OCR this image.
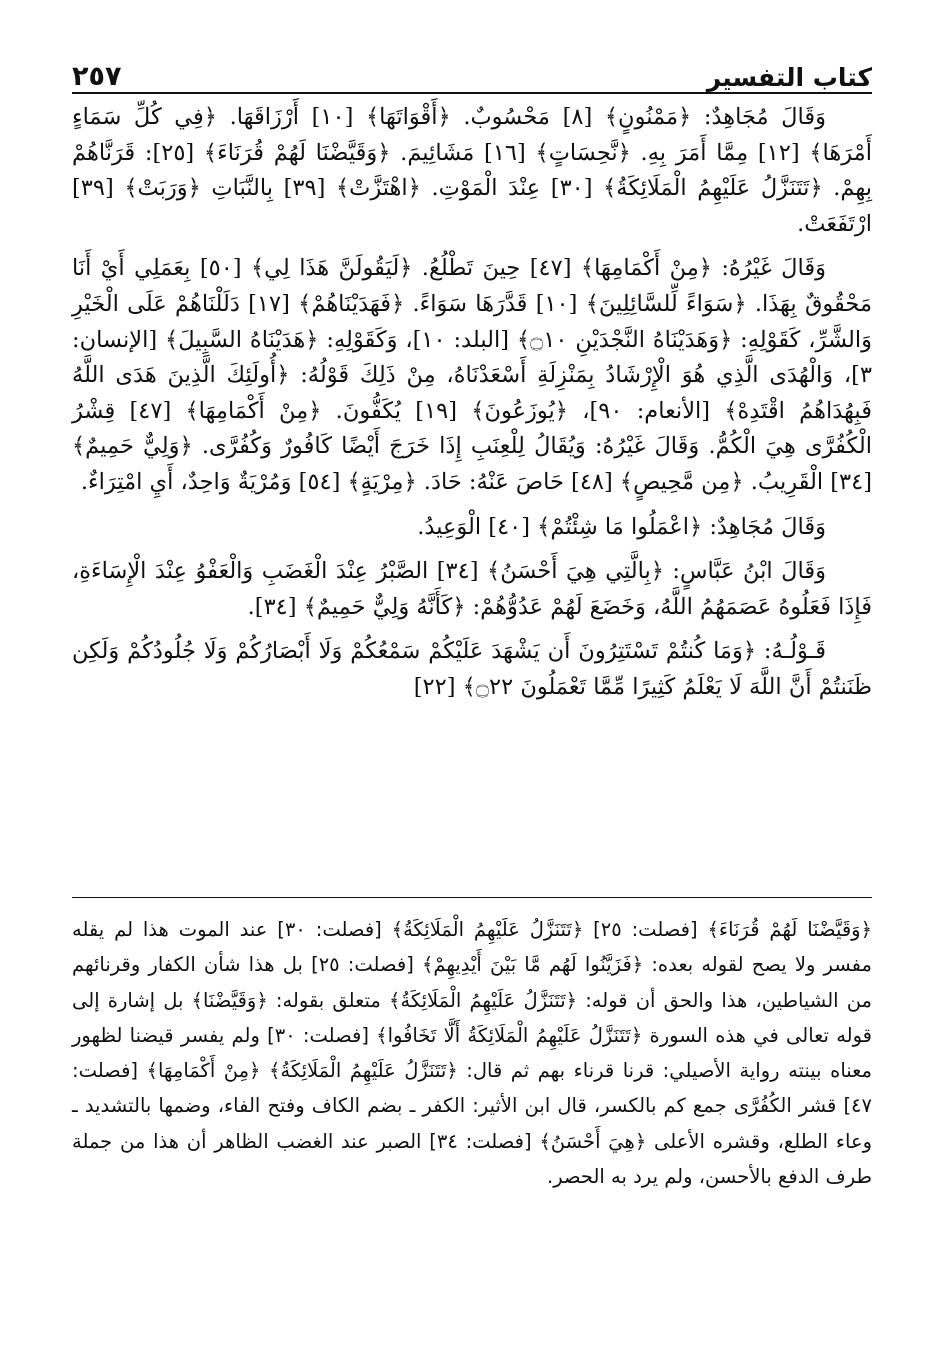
كتاب التفسير
٢٥٧

وَقَالَ مُجَاهِدٌ: ﴿مَمْنُونٍ﴾ [٨] مَحْسُوبٌ. ﴿أَقْوَاتَهَا﴾ [١٠] أَرْزَاقَهَا. ﴿فِي كُلِّ سَمَاءٍ أَمْرَهَا﴾ [١٢] مِمَّا أَمَرَ بِهِ. ﴿نَّحِسَاتٍ﴾ [١٦] مَشَائِيمَ. ﴿وَقَيَّضْنَا لَهُمْ قُرَنَاءَ﴾ [٢٥]: قَرَنَّاهُمْ بِهِمْ. ﴿تَتَنَزَّلُ عَلَيْهِمُ الْمَلَائِكَةُ﴾ [٣٠] عِنْدَ الْمَوْتِ. ﴿اهْتَزَّتْ﴾ [٣٩] بِالنَّبَاتِ ﴿وَرَبَتْ﴾ [٣٩] ارْتَفَعَتْ.

وَقَالَ غَيْرُهُ: ﴿مِنْ أَكْمَامِهَا﴾ [٤٧] حِينَ تَطْلُعُ. ﴿لَيَقُولَنَّ هَذَا لِي﴾ [٥٠] بِعَمَلِي أَيْ أَنَا مَحْقُوقٌ بِهَذَا. ﴿سَوَاءً لِّلسَّائِلِينَ﴾ [١٠] قَدَّرَهَا سَوَاءً. ﴿فَهَدَيْنَاهُمْ﴾ [١٧] دَلَلْنَاهُمْ عَلَى الْخَيْرِ وَالشَّرِّ، كَقَوْلِهِ: ﴿وَهَدَيْنَاهُ النَّجْدَيْنِ ۝١٠﴾ [البلد: ١٠]، وَكَقَوْلِهِ: ﴿هَدَيْنَاهُ السَّبِيلَ﴾ [الإنسان: ٣]، وَالْهُدَى الَّذِي هُوَ الْإِرْشَادُ بِمَنْزِلَةِ أَسْعَدْنَاهُ، مِنْ ذَلِكَ قَوْلُهُ: ﴿أُولَئِكَ الَّذِينَ هَدَى اللَّهُ فَبِهُدَاهُمُ اقْتَدِهْ﴾ [الأنعام: ٩٠]، ﴿يُوزَعُونَ﴾ [١٩] يُكَفُّونَ. ﴿مِنْ أَكْمَامِهَا﴾ [٤٧] قِشْرُ الْكُفُرَّى هِيَ الْكُمُّ. وَقَالَ غَيْرُهُ: وَيُقَالُ لِلْعِنَبِ إِذَا خَرَجَ أَيْضًا كَافُورٌ وَكُفُرَّى. ﴿وَلِيٌّ حَمِيمٌ﴾ [٣٤] الْقَرِيبُ. ﴿مِن مَّحِيصٍ﴾ [٤٨] حَاصَ عَنْهُ: حَادَ. ﴿مِرْيَةٍ﴾ [٥٤] وَمُرْيَةٌ وَاحِدٌ، أَيِ امْتِرَاءٌ.

وَقَالَ مُجَاهِدٌ: ﴿اعْمَلُوا مَا شِئْتُمْ﴾ [٤٠] الْوَعِيدُ.

وَقَالَ ابْنُ عَبَّاسٍ: ﴿بِالَّتِي هِيَ أَحْسَنُ﴾ [٣٤] الصَّبْرُ عِنْدَ الْغَضَبِ وَالْعَفْوُ عِنْدَ الْإِسَاءَةِ، فَإِذَا فَعَلُوهُ عَصَمَهُمُ اللَّهُ، وَخَضَعَ لَهُمْ عَدُوُّهُمْ: ﴿كَأَنَّهُ وَلِيٌّ حَمِيمٌ﴾ [٣٤].

قَـوْلُـهُ: ﴿وَمَا كُنتُمْ تَسْتَتِرُونَ أَن يَشْهَدَ عَلَيْكُمْ سَمْعُكُمْ وَلَا أَبْصَارُكُمْ وَلَا جُلُودُكُمْ وَلَكِن ظَنَنتُمْ أَنَّ اللَّهَ لَا يَعْلَمُ كَثِيرًا مِّمَّا تَعْمَلُونَ ۝٢٢﴾ [٢٢]

﴿وَقَيَّضْنَا لَهُمْ قُرَنَاءَ﴾ [فصلت: ٢٥] ﴿تَتَنَزَّلُ عَلَيْهِمُ الْمَلَائِكَةُ﴾ [فصلت: ٣٠] عند الموت هذا لم يقله مفسر ولا يصح لقوله بعده: ﴿فَزَيَّنُوا لَهُم مَّا بَيْنَ أَيْدِيهِمْ﴾ [فصلت: ٢٥] بل هذا شأن الكفار وقرنائهم من الشياطين، هذا والحق أن قوله: ﴿تَتَنَزَّلُ عَلَيْهِمُ الْمَلَائِكَةُ﴾ متعلق بقوله: ﴿وَقَيَّضْنَا﴾ بل إشارة إلى قوله تعالى في هذه السورة ﴿تَتَنَزَّلُ عَلَيْهِمُ الْمَلَائِكَةُ أَلَّا تَخَافُوا﴾ [فصلت: ٣٠] ولم يفسر قيضنا لظهور معناه بينته رواية الأصيلي: قرنا قرناء بهم ثم قال: ﴿تَتَنَزَّلُ عَلَيْهِمُ الْمَلَائِكَةُ﴾ ﴿مِنْ أَكْمَامِهَا﴾ [فصلت: ٤٧] قشر الكُفُرَّى جمع كم بالكسر، قال ابن الأثير: الكفر ـ بضم الكاف وفتح الفاء، وضمها بالتشديد ـ وعاء الطلع، وقشره الأعلى ﴿هِيَ أَحْسَنُ﴾ [فصلت: ٣٤] الصبر عند الغضب الظاهر أن هذا من جملة طرف الدفع بالأحسن، ولم يرد به الحصر.
